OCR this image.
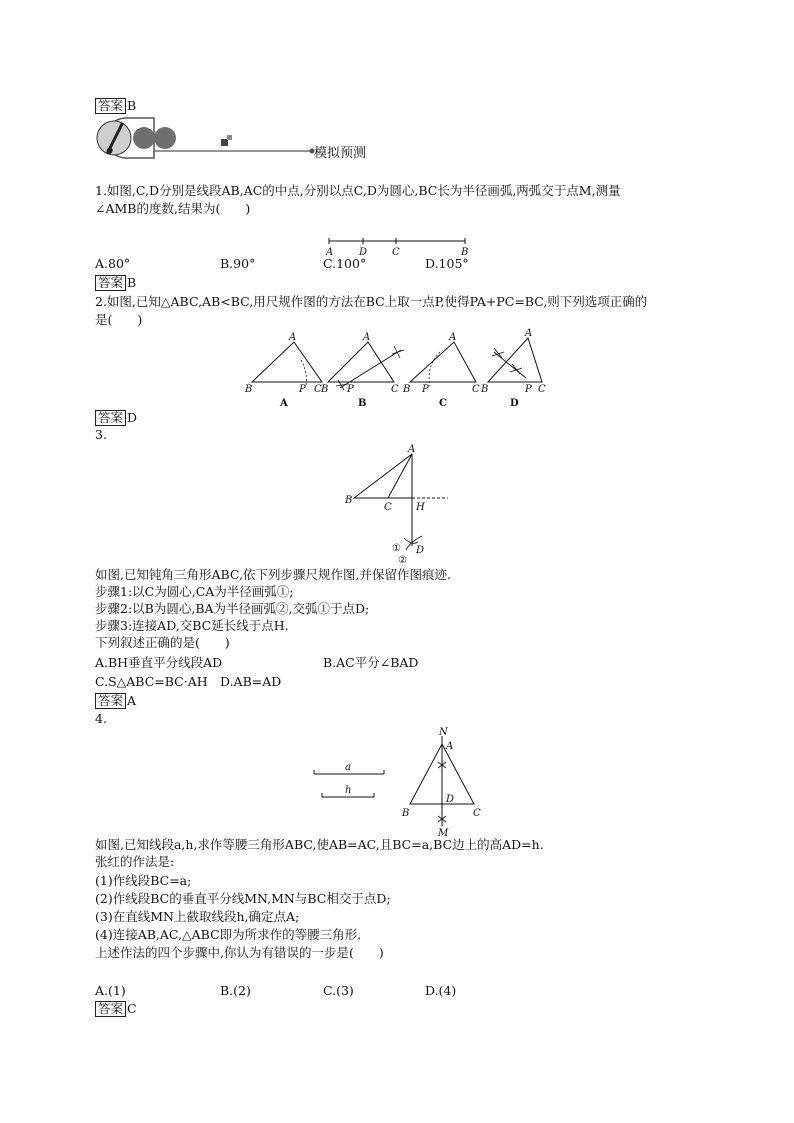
答案 B
模拟预测
1.如图,C,D分别是线段AB,AC的中点,分别以点C,D为圆心,BC长为半径画弧,两弧交于点M,测量
∠AMB的度数,结果为(　　)
A	D C	B
A.80°	B.90°	C.100°	D.105°
答案 B
2.如图,已知△ABC,AB<BC,用尺规作图的方法在BC上取一点P,使得PA+PC=BC,则下列选项正确的
是(　　)
B
A
P C
A
B
A
P	C
B
B
A
P	C
C
B
A
P C
D
答案 D
3.
A
B
C H
D
①
②
如图,已知钝角三角形ABC,依下列步骤尺规作图,并保留作图痕迹.
步骤1:以C为圆心,CA为半径画弧①;
步骤2:以B为圆心,BA为半径画弧②,交弧①于点D;
步骤3:连接AD,交BC延长线于点H.
下列叙述正确的是(　　)
A.BH垂直平分线段AD	B.AC平分∠BAD
C.S△ABC=BC·AH D.AB=AD
答案 A
4.
a
h
N
A
B
D
C
M
如图,已知线段a,h,求作等腰三角形ABC,使AB=AC,且BC=a,BC边上的高AD=h.
张红的作法是:
(1)作线段BC=a;
(2)作线段BC的垂直平分线MN,MN与BC相交于点D;
(3)在直线MN上截取线段h,确定点A;
(4)连接AB,AC,△ABC即为所求作的等腰三角形.
上述作法的四个步骤中,你认为有错误的一步是(　　)
A.(1)	B.(2)	C.(3)	D.(4)
答案 C
